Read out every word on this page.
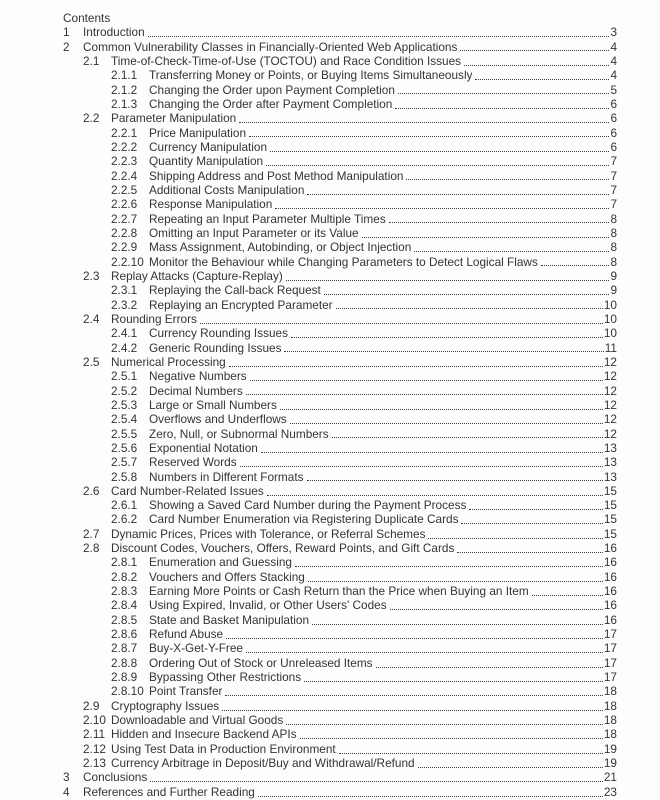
Contents
1	Introduction	3
2	Common Vulnerability Classes in Financially-Oriented Web Applications	4
2.1 Time-of-Check-Time-of-Use (TOCTOU) and Race Condition Issues	4
2.1.1 Transferring Money or Points, or Buying Items Simultaneously	4
2.1.2 Changing the Order upon Payment Completion	5
2.1.3 Changing the Order after Payment Completion	6
2.2 Parameter Manipulation	6
2.2.1 Price Manipulation	6
2.2.2 Currency Manipulation	6
2.2.3 Quantity Manipulation	7
2.2.4 Shipping Address and Post Method Manipulation	7
2.2.5 Additional Costs Manipulation	7
2.2.6 Response Manipulation	7
2.2.7 Repeating an Input Parameter Multiple Times	8
2.2.8 Omitting an Input Parameter or its Value	8
2.2.9 Mass Assignment, Autobinding, or Object Injection	8
2.2.10 Monitor the Behaviour while Changing Parameters to Detect Logical Flaws	8
2.3 Replay Attacks (Capture-Replay)	9
2.3.1 Replaying the Call-back Request	9
2.3.2 Replaying an Encrypted Parameter	10
2.4 Rounding Errors	10
2.4.1 Currency Rounding Issues	10
2.4.2 Generic Rounding Issues	11
2.5 Numerical Processing	12
2.5.1 Negative Numbers	12
2.5.2 Decimal Numbers	12
2.5.3 Large or Small Numbers	12
2.5.4 Overflows and Underflows	12
2.5.5 Zero, Null, or Subnormal Numbers	12
2.5.6 Exponential Notation	13
2.5.7 Reserved Words	13
2.5.8 Numbers in Different Formats	13
2.6 Card Number-Related Issues	15
2.6.1 Showing a Saved Card Number during the Payment Process	15
2.6.2 Card Number Enumeration via Registering Duplicate Cards	15
2.7 Dynamic Prices, Prices with Tolerance, or Referral Schemes	15
2.8 Discount Codes, Vouchers, Offers, Reward Points, and Gift Cards	16
2.8.1 Enumeration and Guessing	16
2.8.2 Vouchers and Offers Stacking	16
2.8.3 Earning More Points or Cash Return than the Price when Buying an Item	16
2.8.4 Using Expired, Invalid, or Other Users' Codes	16
2.8.5 State and Basket Manipulation	16
2.8.6 Refund Abuse	17
2.8.7 Buy-X-Get-Y-Free	17
2.8.8 Ordering Out of Stock or Unreleased Items	17
2.8.9 Bypassing Other Restrictions	17
2.8.10 Point Transfer	18
2.9 Cryptography Issues	18
2.10 Downloadable and Virtual Goods	18
2.11 Hidden and Insecure Backend APIs	18
2.12 Using Test Data in Production Environment	19
2.13 Currency Arbitrage in Deposit/Buy and Withdrawal/Refund	19
3	Conclusions	21
4	References and Further Reading	23
